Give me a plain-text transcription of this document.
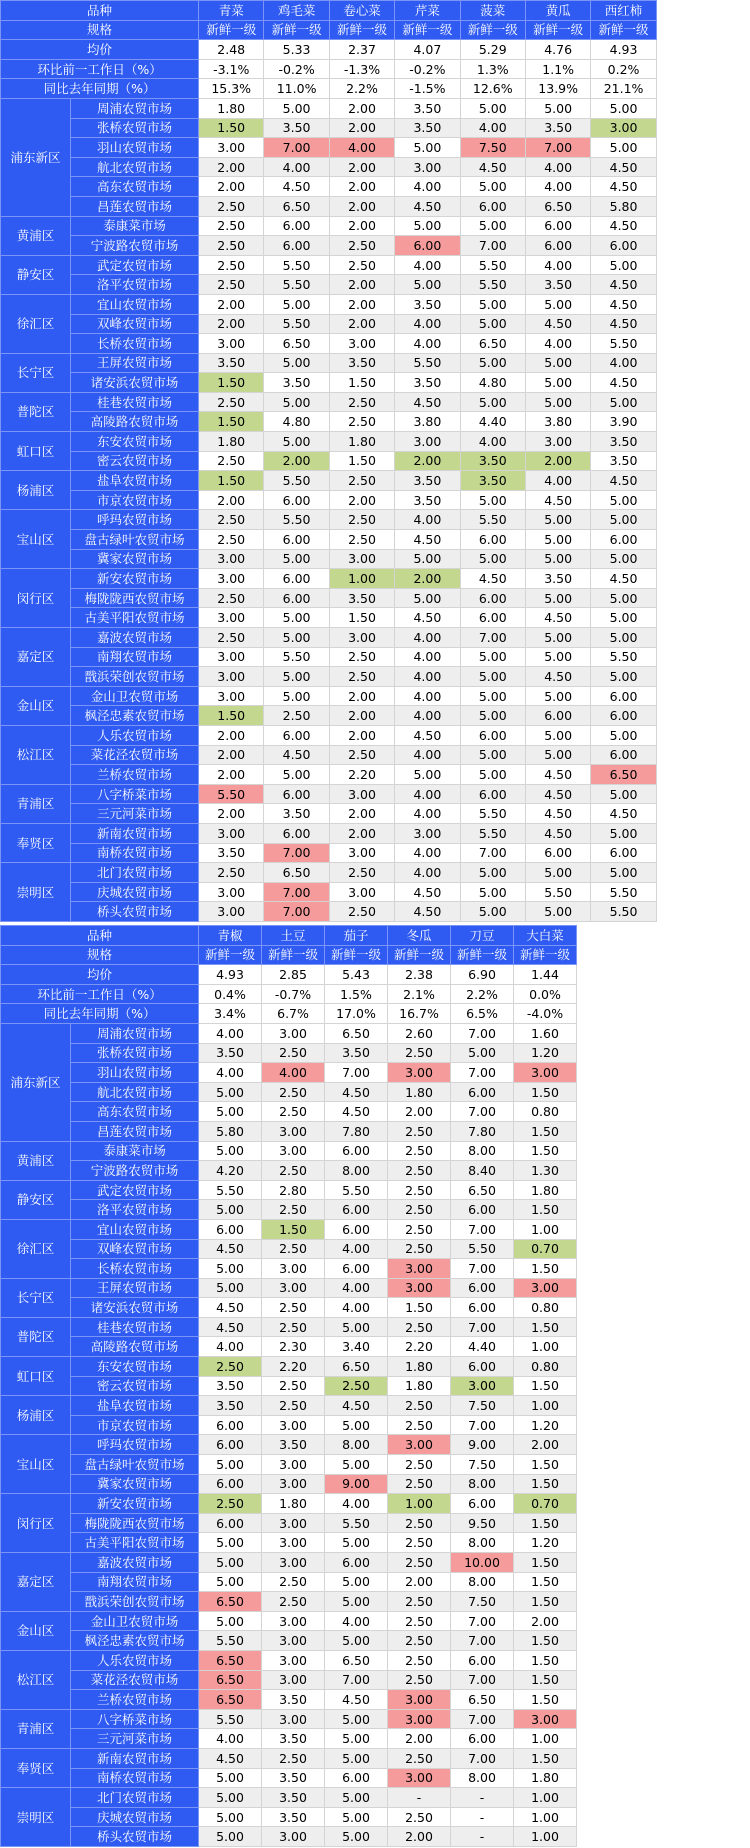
品种		青菜	鸡毛菜	卷心菜	芹菜	菠菜	黄瓜	西红柿
规格		新鲜一级	新鲜一级	新鲜一级	新鲜一级	新鲜一级	新鲜一级	新鲜一级
均价		2.48	5.33	2.37	4.07	5.29	4.76	4.93
环比前一工作日（%）		-3.1%	-0.2%	-1.3%	-0.2%	1.3%	1.1%	0.2%
同比去年同期（%）		15.3%	11.0%	2.2%	-1.5%	12.6%	13.9%	21.1%
浦东新区	周浦农贸市场	1.80	5.00	2.00	3.50	5.00	5.00	5.00
	张桥农贸市场	1.50	3.50	2.00	3.50	4.00	3.50	3.00
	羽山农贸市场	3.00	7.00	4.00	5.00	7.50	7.00	5.00
	航北农贸市场	2.00	4.00	2.00	3.00	4.50	4.00	4.50
	高东农贸市场	2.00	4.50	2.00	4.00	5.00	4.00	4.50
	昌莲农贸市场	2.50	6.50	2.00	4.50	6.00	6.50	5.80
黄浦区	泰康菜市场	2.50	6.00	2.00	5.00	5.00	6.00	4.50
	宁波路农贸市场	2.50	6.00	2.50	6.00	7.00	6.00	6.00
静安区	武定农贸市场	2.50	5.50	2.50	4.00	5.50	4.00	5.00
	洛平农贸市场	2.50	5.50	2.00	5.00	5.50	3.50	4.50
徐汇区	宜山农贸市场	2.00	5.00	2.00	3.50	5.00	5.00	4.50
	双峰农贸市场	2.00	5.50	2.00	4.00	5.00	4.50	4.50
	长桥农贸市场	3.00	6.50	3.00	4.00	6.50	4.00	5.50
长宁区	王屏农贸市场	3.50	5.00	3.50	5.50	5.00	5.00	4.00
	诸安浜农贸市场	1.50	3.50	1.50	3.50	4.80	5.00	4.50
普陀区	桂巷农贸市场	2.50	5.00	2.50	4.50	5.00	5.00	5.00
	高陵路农贸市场	1.50	4.80	2.50	3.80	4.40	3.80	3.90
虹口区	东安农贸市场	1.80	5.00	1.80	3.00	4.00	3.00	3.50
	密云农贸市场	2.50	2.00	1.50	2.00	3.50	2.00	3.50
杨浦区	盐阜农贸市场	1.50	5.50	2.50	3.50	3.50	4.00	4.50
	市京农贸市场	2.00	6.00	2.00	3.50	5.00	4.50	5.00
宝山区	呼玛农贸市场	2.50	5.50	2.50	4.00	5.50	5.00	5.00
	盘古绿叶农贸市场	2.50	6.00	2.50	4.50	6.00	5.00	6.00
	冀家农贸市场	3.00	5.00	3.00	5.00	5.00	5.00	5.00
闵行区	新安农贸市场	3.00	6.00	1.00	2.00	4.50	3.50	4.50
	梅陇陇西农贸市场	2.50	6.00	3.50	5.00	6.00	5.00	5.00
	古美平阳农贸市场	3.00	5.00	1.50	4.50	6.00	4.50	5.00
嘉定区	嘉波农贸市场	2.50	5.00	3.00	4.00	7.00	5.00	5.00
	南翔农贸市场	3.00	5.50	2.50	4.00	5.00	5.00	5.50
	戬浜荣创农贸市场	3.00	5.00	2.50	4.00	5.00	4.50	5.00
金山区	金山卫农贸市场	3.00	5.00	2.00	4.00	5.00	5.00	6.00
	枫泾忠素农贸市场	1.50	2.50	2.00	4.00	5.00	6.00	6.00
松江区	人乐农贸市场	2.00	6.00	2.00	4.50	6.00	5.00	5.00
	菜花泾农贸市场	2.00	4.50	2.50	4.00	5.00	5.00	6.00
	兰桥农贸市场	2.00	5.00	2.20	5.00	5.00	4.50	6.50
青浦区	八字桥菜市场	5.50	6.00	3.00	4.00	6.00	4.50	5.00
	三元河菜市场	2.00	3.50	2.00	4.00	5.50	4.50	4.50
奉贤区	新南农贸市场	3.00	6.00	2.00	3.00	5.50	4.50	5.00
	南桥农贸市场	3.50	7.00	3.00	4.00	7.00	6.00	6.00
崇明区	北门农贸市场	2.50	6.50	2.50	4.00	5.00	5.00	5.00
	庆城农贸市场	3.00	7.00	3.00	4.50	5.00	5.50	5.50
	桥头农贸市场	3.00	7.00	2.50	4.50	5.00	5.00	5.50
品种		青椒	土豆	茄子	冬瓜	刀豆	大白菜
规格		新鲜一级	新鲜一级	新鲜一级	新鲜一级	新鲜一级	新鲜一级
均价		4.93	2.85	5.43	2.38	6.90	1.44
环比前一工作日（%）		0.4%	-0.7%	1.5%	2.1%	2.2%	0.0%
同比去年同期（%）		3.4%	6.7%	17.0%	16.7%	6.5%	-4.0%
浦东新区	周浦农贸市场	4.00	3.00	6.50	2.60	7.00	1.60
	张桥农贸市场	3.50	2.50	3.50	2.50	5.00	1.20
	羽山农贸市场	4.00	4.00	7.00	3.00	7.00	3.00
	航北农贸市场	5.00	2.50	4.50	1.80	6.00	1.50
	高东农贸市场	5.00	2.50	4.50	2.00	7.00	0.80
	昌莲农贸市场	5.80	3.00	7.80	2.50	7.80	1.50
黄浦区	泰康菜市场	5.00	3.00	6.00	2.50	8.00	1.50
	宁波路农贸市场	4.20	2.50	8.00	2.50	8.40	1.30
静安区	武定农贸市场	5.50	2.80	5.50	2.50	6.50	1.80
	洛平农贸市场	5.00	2.50	6.00	2.50	6.00	1.50
徐汇区	宜山农贸市场	6.00	1.50	6.00	2.50	7.00	1.00
	双峰农贸市场	4.50	2.50	4.00	2.50	5.50	0.70
	长桥农贸市场	5.00	3.00	6.00	3.00	7.00	1.50
长宁区	王屏农贸市场	5.00	3.00	4.00	3.00	6.00	3.00
	诸安浜农贸市场	4.50	2.50	4.00	1.50	6.00	0.80
普陀区	桂巷农贸市场	4.50	2.50	5.00	2.50	7.00	1.50
	高陵路农贸市场	4.00	2.30	3.40	2.20	4.40	1.00
虹口区	东安农贸市场	2.50	2.20	6.50	1.80	6.00	0.80
	密云农贸市场	3.50	2.50	2.50	1.80	3.00	1.50
杨浦区	盐阜农贸市场	3.50	2.50	4.50	2.50	7.50	1.00
	市京农贸市场	6.00	3.00	5.00	2.50	7.00	1.20
宝山区	呼玛农贸市场	6.00	3.50	8.00	3.00	9.00	2.00
	盘古绿叶农贸市场	5.00	3.00	5.00	2.50	7.50	1.50
	冀家农贸市场	6.00	3.00	9.00	2.50	8.00	1.50
闵行区	新安农贸市场	2.50	1.80	4.00	1.00	6.00	0.70
	梅陇陇西农贸市场	6.00	3.00	5.50	2.50	9.50	1.50
	古美平阳农贸市场	5.00	3.00	5.00	2.50	8.00	1.20
嘉定区	嘉波农贸市场	5.00	3.00	6.00	2.50	10.00	1.50
	南翔农贸市场	5.00	2.50	5.00	2.00	8.00	1.50
	戬浜荣创农贸市场	6.50	2.50	5.00	2.50	7.50	1.50
金山区	金山卫农贸市场	5.00	3.00	4.00	2.50	7.00	2.00
	枫泾忠素农贸市场	5.50	3.00	5.00	2.50	7.00	1.50
松江区	人乐农贸市场	6.50	3.00	6.50	2.50	6.00	1.50
	菜花泾农贸市场	6.50	3.00	7.00	2.50	7.00	1.50
	兰桥农贸市场	6.50	3.50	4.50	3.00	6.50	1.50
青浦区	八字桥菜市场	5.50	3.00	5.00	3.00	7.00	3.00
	三元河菜市场	4.00	3.50	5.00	2.00	6.00	1.00
奉贤区	新南农贸市场	4.50	2.50	5.00	2.50	7.00	1.50
	南桥农贸市场	5.00	3.50	6.00	3.00	8.00	1.80
崇明区	北门农贸市场	5.00	3.50	5.00	-	-	1.00
	庆城农贸市场	5.00	3.50	5.00	2.50	-	1.00
	桥头农贸市场	5.00	3.00	5.00	2.00	-	1.00
